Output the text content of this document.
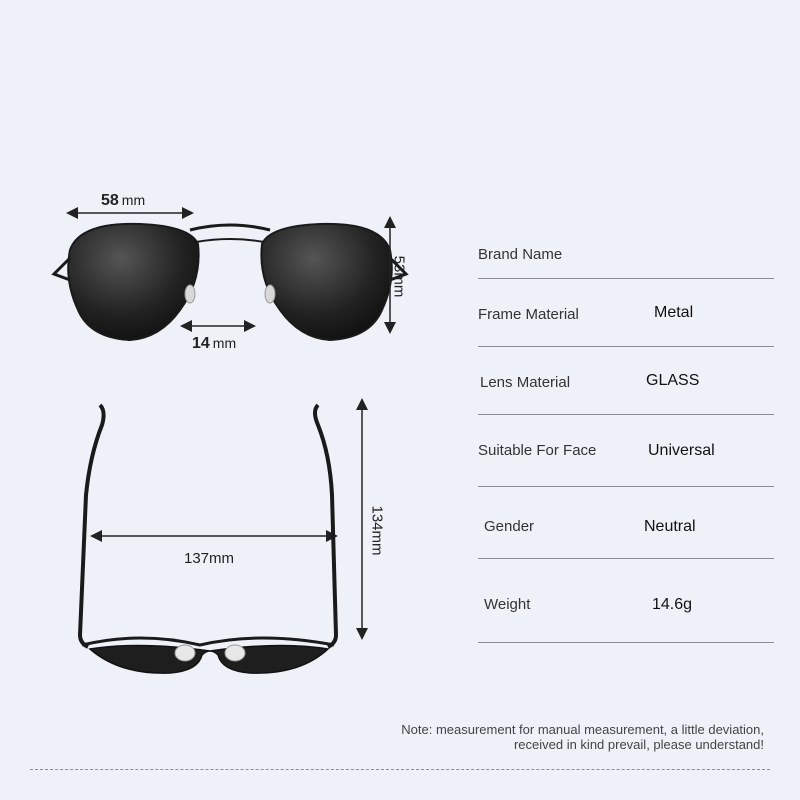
58 mm
14 mm
53mm
137mm
134mm
Brand Name
Frame Material	Metal
Lens Material	GLASS
Suitable For Face	Universal
Gender	Neutral
Weight	14.6g
Note: measurement for manual measurement, a little deviation,
received in kind prevail, please understand!
